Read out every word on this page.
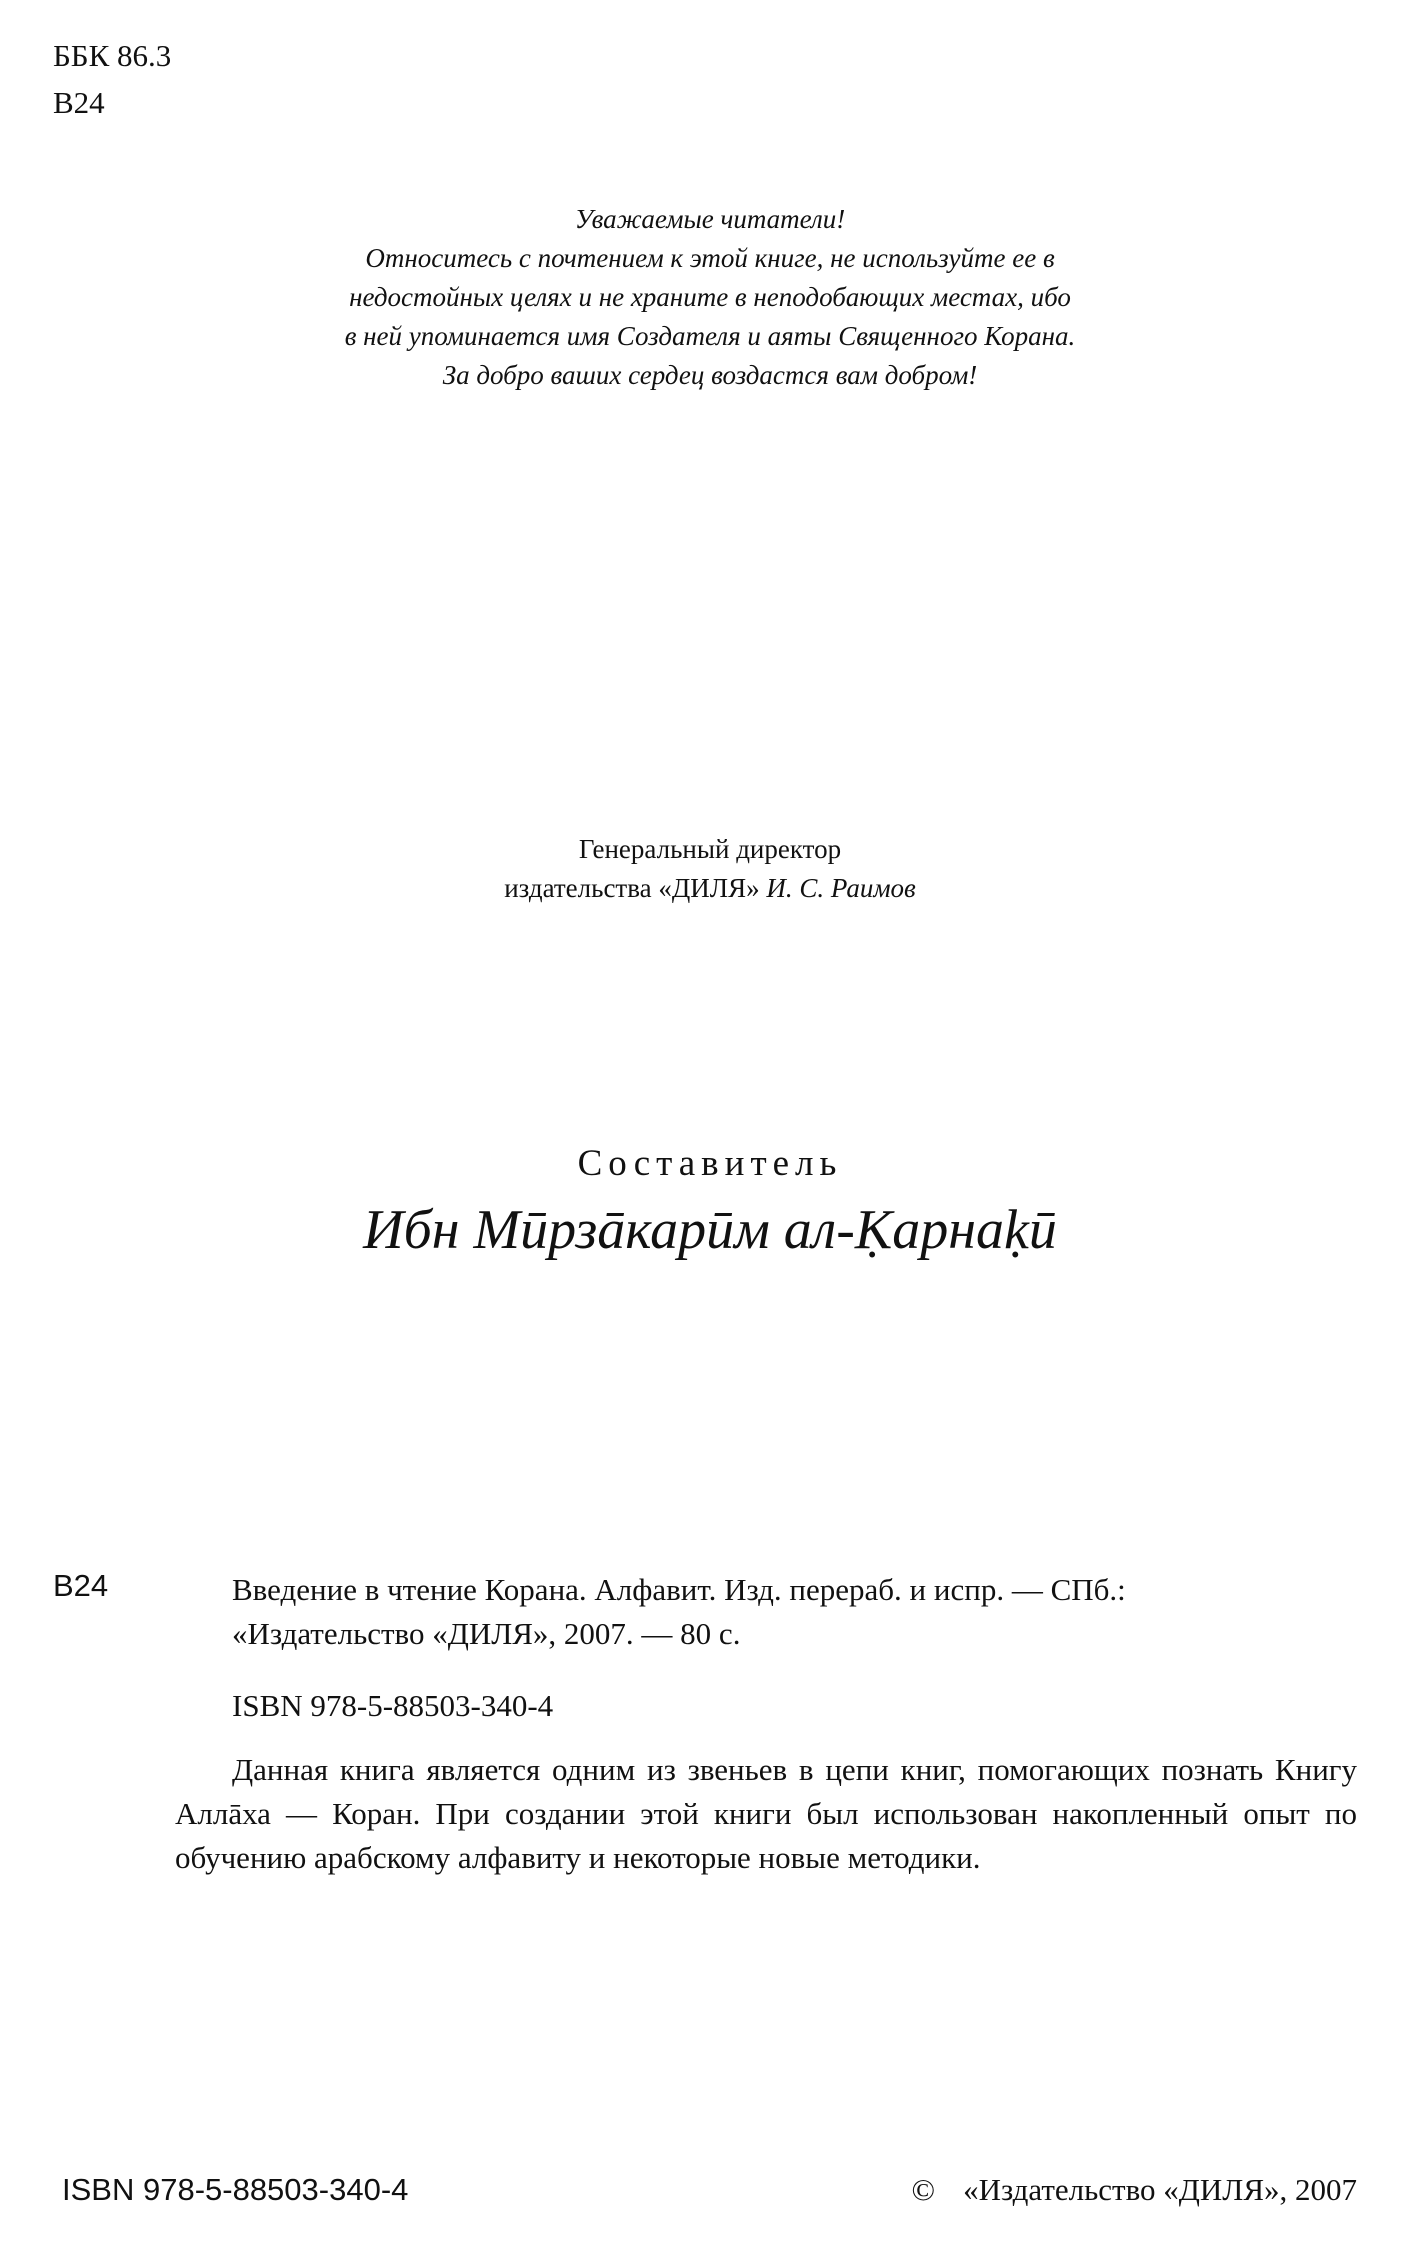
ББК 86.3
В24
Уважаемые читатели!
Относитесь с почтением к этой книге, не используйте ее в
недостойных целях и не храните в неподобающих местах, ибо
в ней упоминается имя Создателя и аяты Священного Корана.
За добро ваших сердец воздастся вам добром!
Генеральный директор
издательства «ДИЛЯ» И. С. Раимов
Составитель
Ибн Мӣрзāкарӣм ал-Ḳарнаḳӣ
В24	Введение в чтение Корана. Алфавит. Изд. перераб. и испр. — СПб.:

«Издательство «ДИЛЯ», 2007. — 80 с.

ISBN 978-5-88503-340-4

Данная книга является одним из звеньев в цепи книг, помогающих познать Книгу Аллāха — Коран. При создании этой книги был использован накопленный опыт по обучению арабскому алфавиту и некоторые новые методики.

ISBN 978-5-88503-340-4	© «Издательство «ДИЛЯ», 2007
